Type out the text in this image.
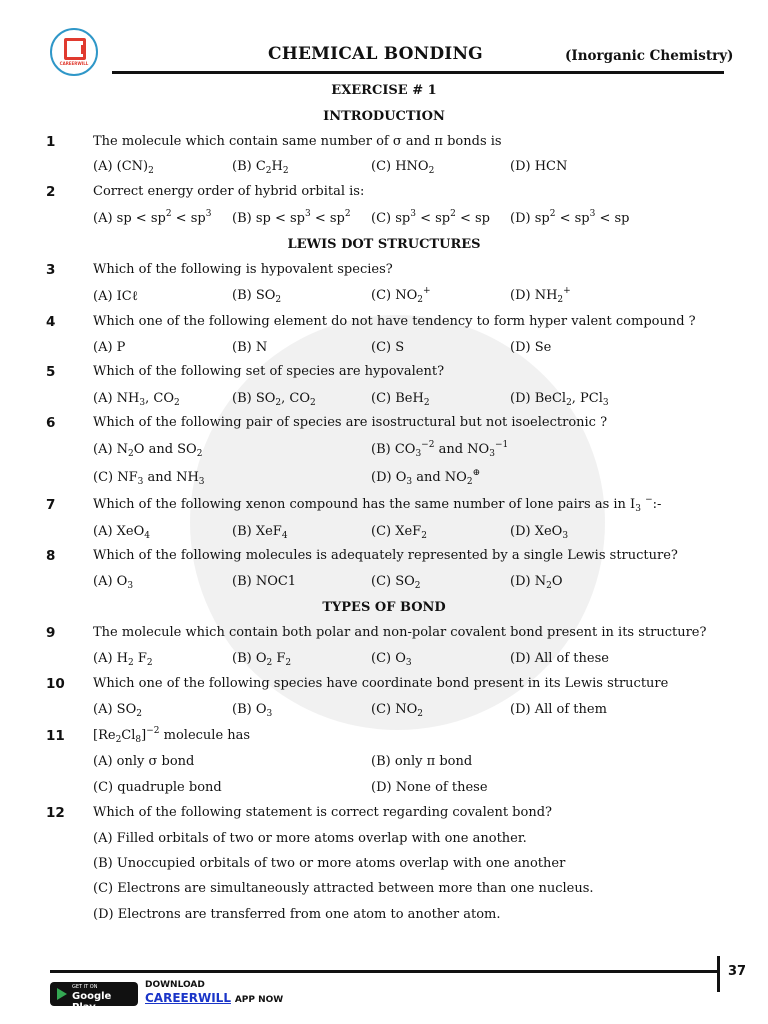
CAREERWILL	CHEMICAL BONDING	(Inorganic Chemistry)
EXERCISE # 1
INTRODUCTION
LEWIS DOT STRUCTURES
TYPES OF BOND
1	The molecule which contain same number of σ and π bonds is
(A) $(CN)_2$	(B) $C_2H_2$	(C) $HNO_2$	(D) HCN
2	Correct energy order of hybrid orbital is:
(A) sp < $sp^2 < sp^3$ (B) sp < $sp^3 < sp^2$ (C) $sp^3 < sp^2$ < sp (D) $sp^2 < sp^3$ < sp
3	Which of the following is hypovalent species?
(A) ICℓ	(B) $SO_2$	(C) $NO_2^+$	(D) $NH_2^+$
4	Which one of the following element do not have tendency to form hyper valent compound ?
(A) P	(B) N	(C) S	(D) Se
5	Which of the following set of species are hypovalent?
(A) $NH_3$, $CO_2$	(B) $SO_2$, $CO_2$	(C) BeH$_2$	(D) BeCl$_2$, PCl$_3$
6	Which of the following pair of species are isostructural but not isoelectronic ?
(A) $N_2O$ and $SO_2$	(B) $CO_3^{-2}$ and $NO_3^{-1}$
(C) $NF_3$ and $NH_3$	(D) $O_3$ and $NO_2^\oplus$
7	Which of the following xenon compound has the same number of lone pairs as in $I_3$ −:-
(A) XeO$_4$	(B) XeF$_4$	(C) XeF$_2$	(D) XeO$_3$
8	Which of the following molecules is adequately represented by a single Lewis structure?
(A) $O_3$	(B) NOC1	(C) $SO_2$	(D) $N_2O$
9	The molecule which contain both polar and non-polar covalent bond present in its structure?
(A) $H_2$ $F_2$	(B) $O_2$ $F_2$	(C) $O_3$	(D) All of these
10 Which one of the following species have coordinate bond present in its Lewis structure
(A) $SO_2$	(B) $O_3$	(C) $NO_2$	(D) All of them
11 $[Re_2Cl_8]^{-2}$ molecule has
(A) only σ bond	(B) only π bond
(C) quadruple bond	(D) None of these
12 Which of the following statement is correct regarding covalent bond?
(A) Filled orbitals of two or more atoms overlap with one another.
(B) Unoccupied orbitals of two or more atoms overlap with one another
(C) Electrons are simultaneously attracted between more than one nucleus.
(D) Electrons are transferred from one atom to another atom.
37
GET IT ON
Google Play
DOWNLOAD
CAREERWILL APP NOW
